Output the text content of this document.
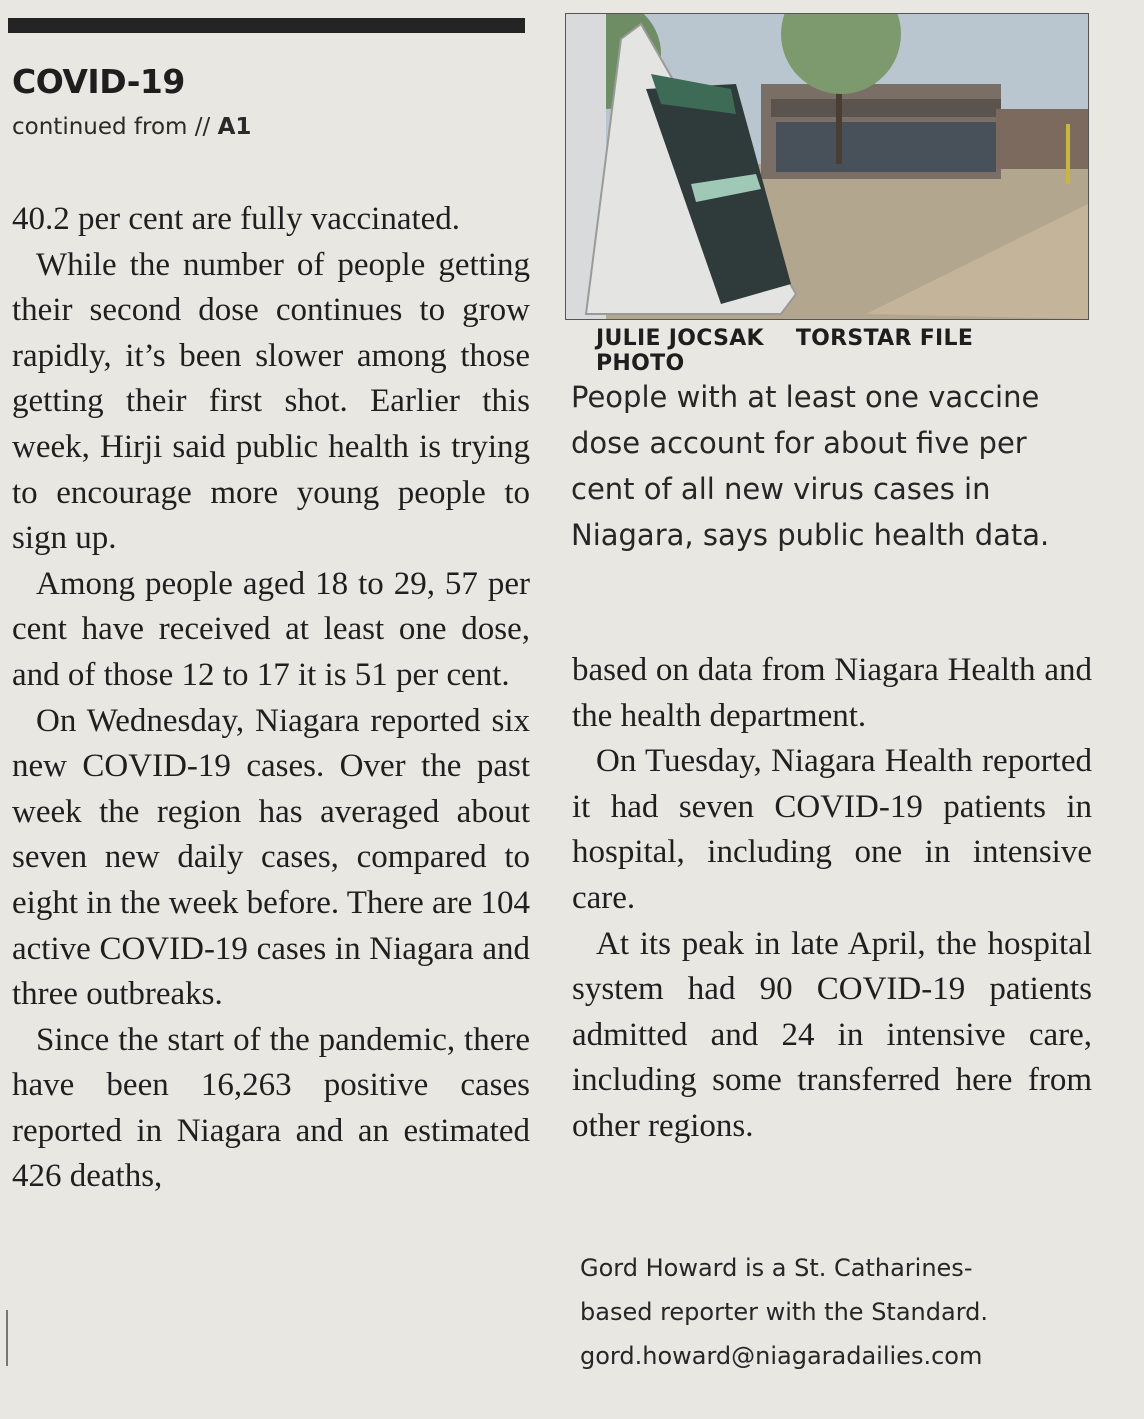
COVID-19
continued from // A1
JULIE JOCSAK TORSTAR FILE PHOTO
People with at least one vaccine dose account for about five per cent of all new virus cases in Niagara, says public health data.

40.2 per cent are fully vaccinated.

While the number of people getting their second dose continues to grow rapidly, it’s been slower among those getting their first shot. Earlier this week, Hirji said public health is trying to encourage more young people to sign up.

Among people aged 18 to 29, 57 per cent have received at least one dose, and of those 12 to 17 it is 51 per cent.

On Wednesday, Niagara reported six new COVID-19 cases. Over the past week the region has averaged about seven new daily cases, compared to eight in the week before. There are 104 active COVID-19 cases in Niagara and three outbreaks.

Since the start of the pandemic, there have been 16,263 positive cases reported in Niagara and an estimated 426 deaths,

based on data from Niagara Health and the health department.

On Tuesday, Niagara Health reported it had seven COVID-19 patients in hospital, including one in intensive care.

At its peak in late April, the hospital system had 90 COVID-19 patients admitted and 24 in intensive care, including some transferred here from other regions.

Gord Howard is a St. Catharines-
based reporter with the Standard.
gord.howard@niagaradailies.com
